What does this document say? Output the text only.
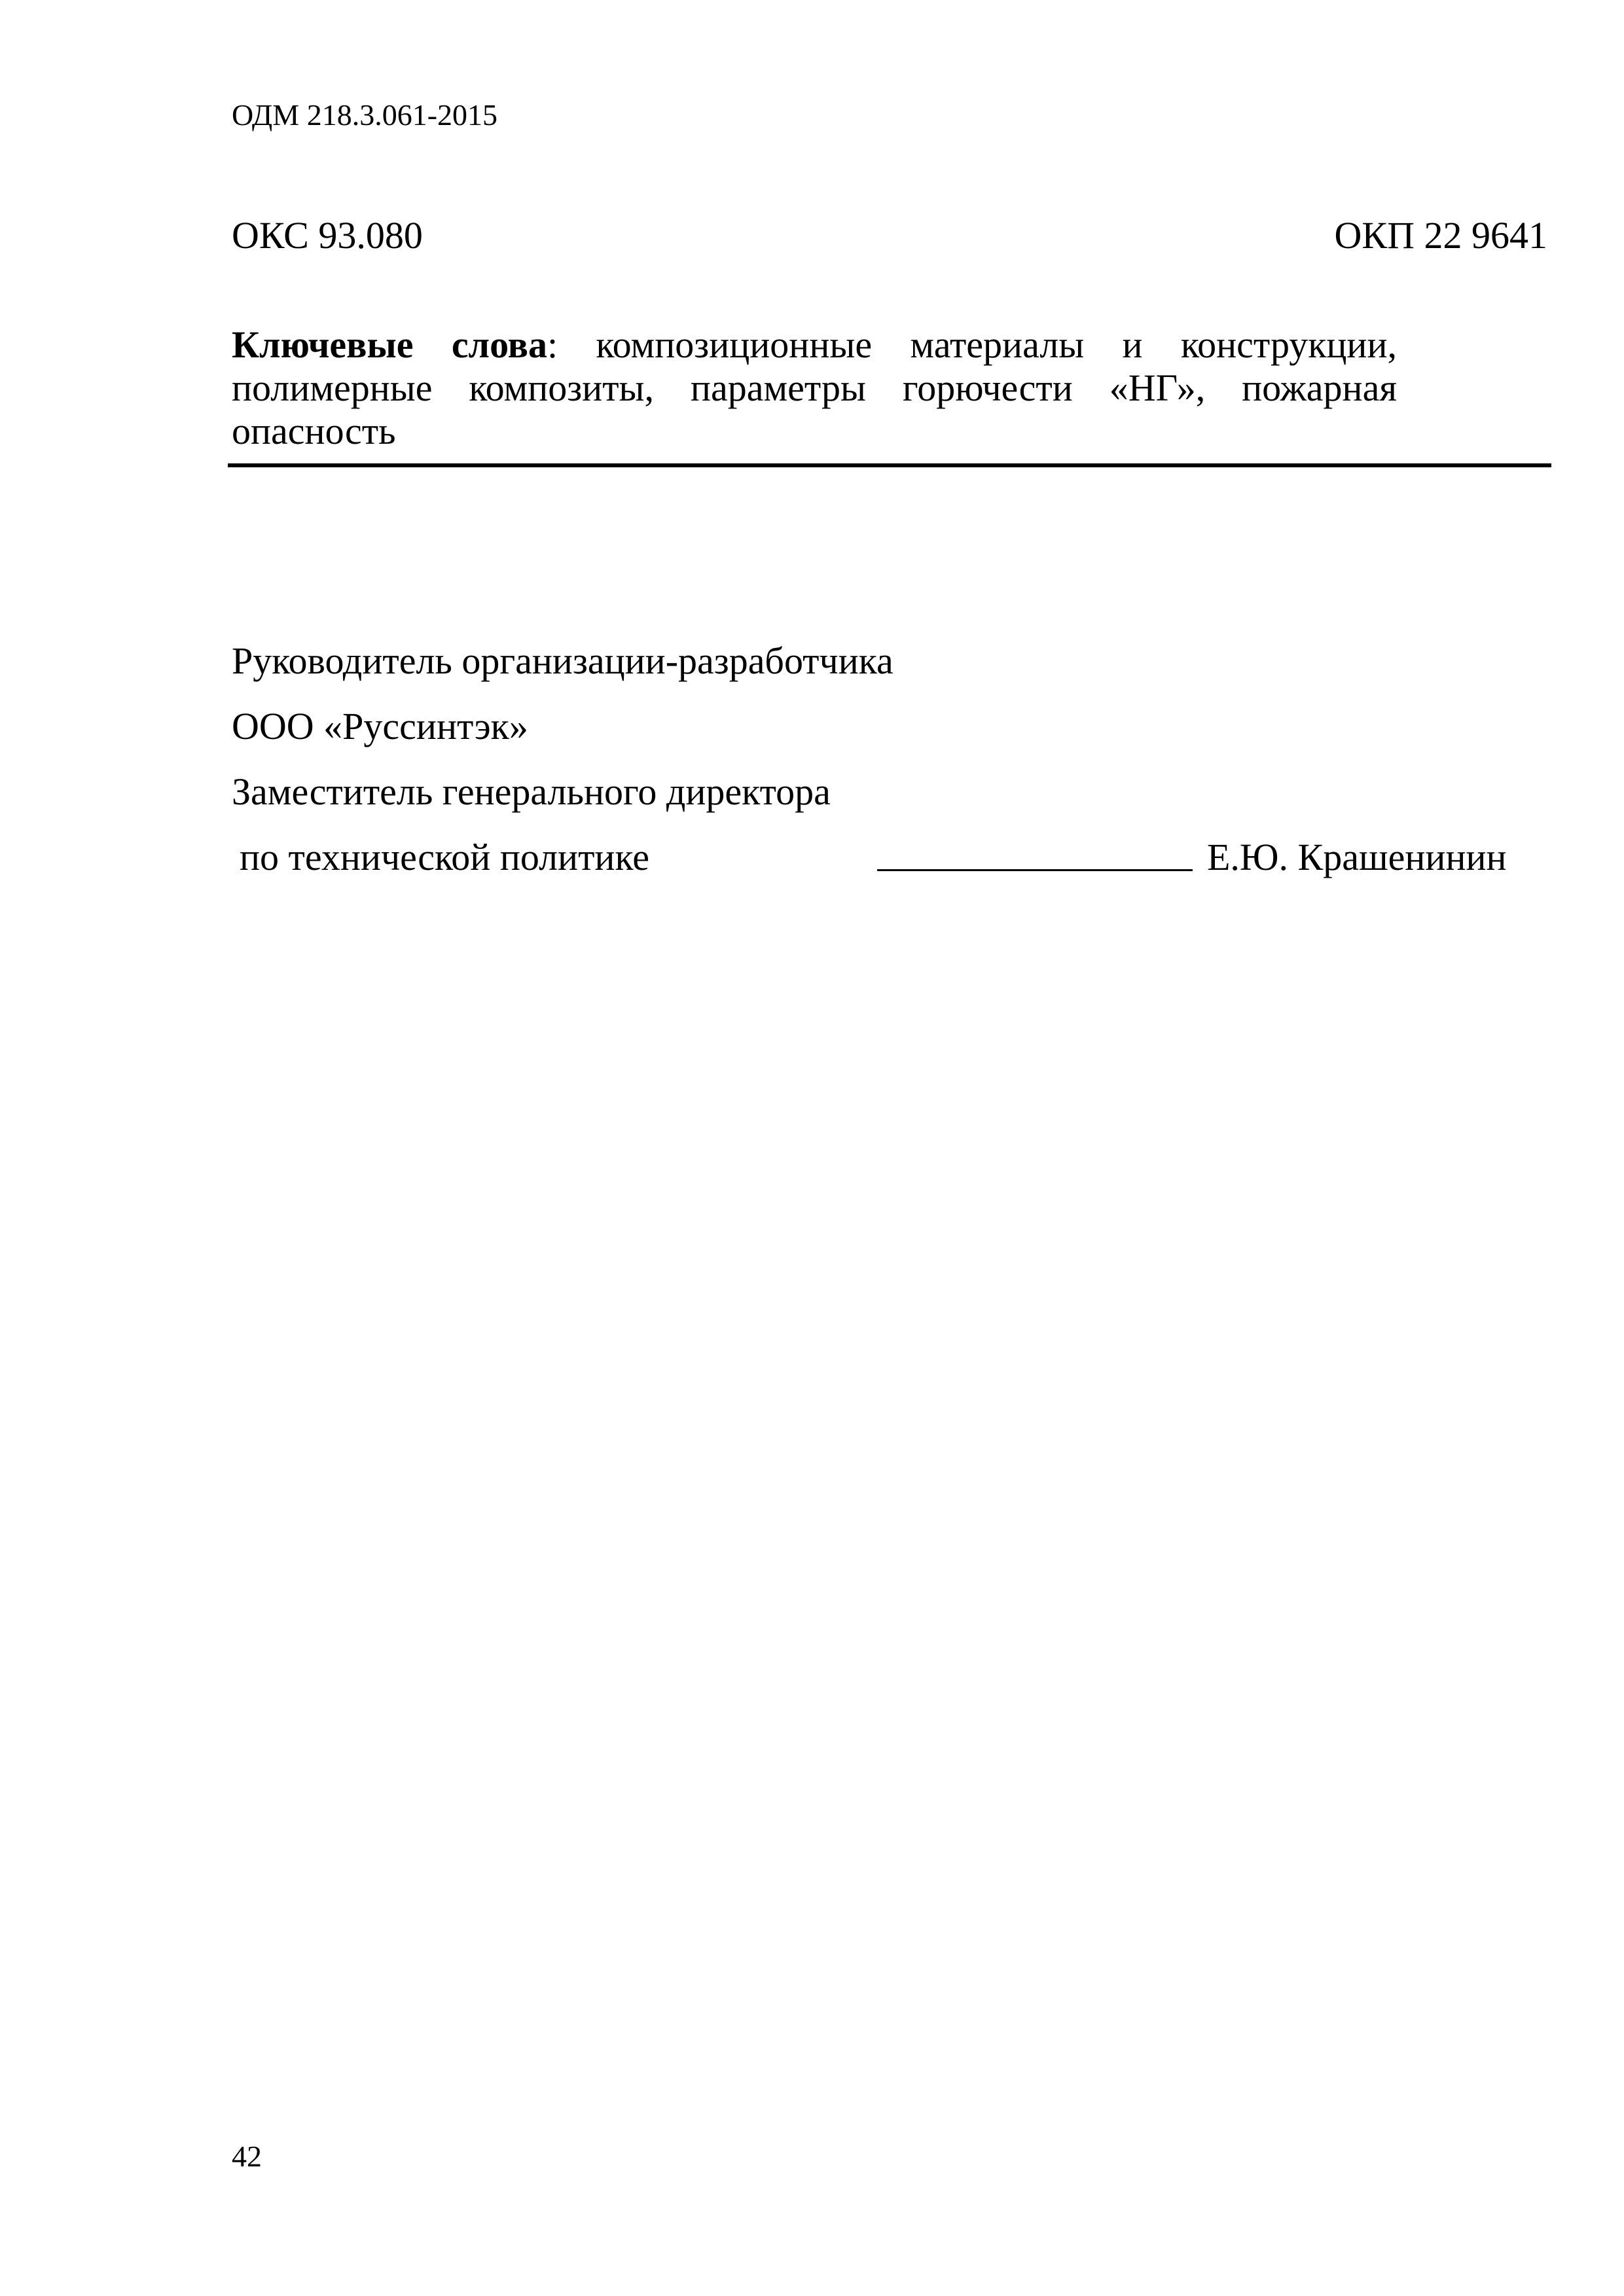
ОДМ 218.3.061-2015
ОКС 93.080	ОКП 22 9641
Ключевые слова: композиционные материалы и конструкции, полимерные композиты, параметры горючести «НГ», пожарная опасность
Руководитель организации-разработчика
ООО «Руссинтэк»
Заместитель генерального директора
по технической политике	Е.Ю. Крашенинин
42
